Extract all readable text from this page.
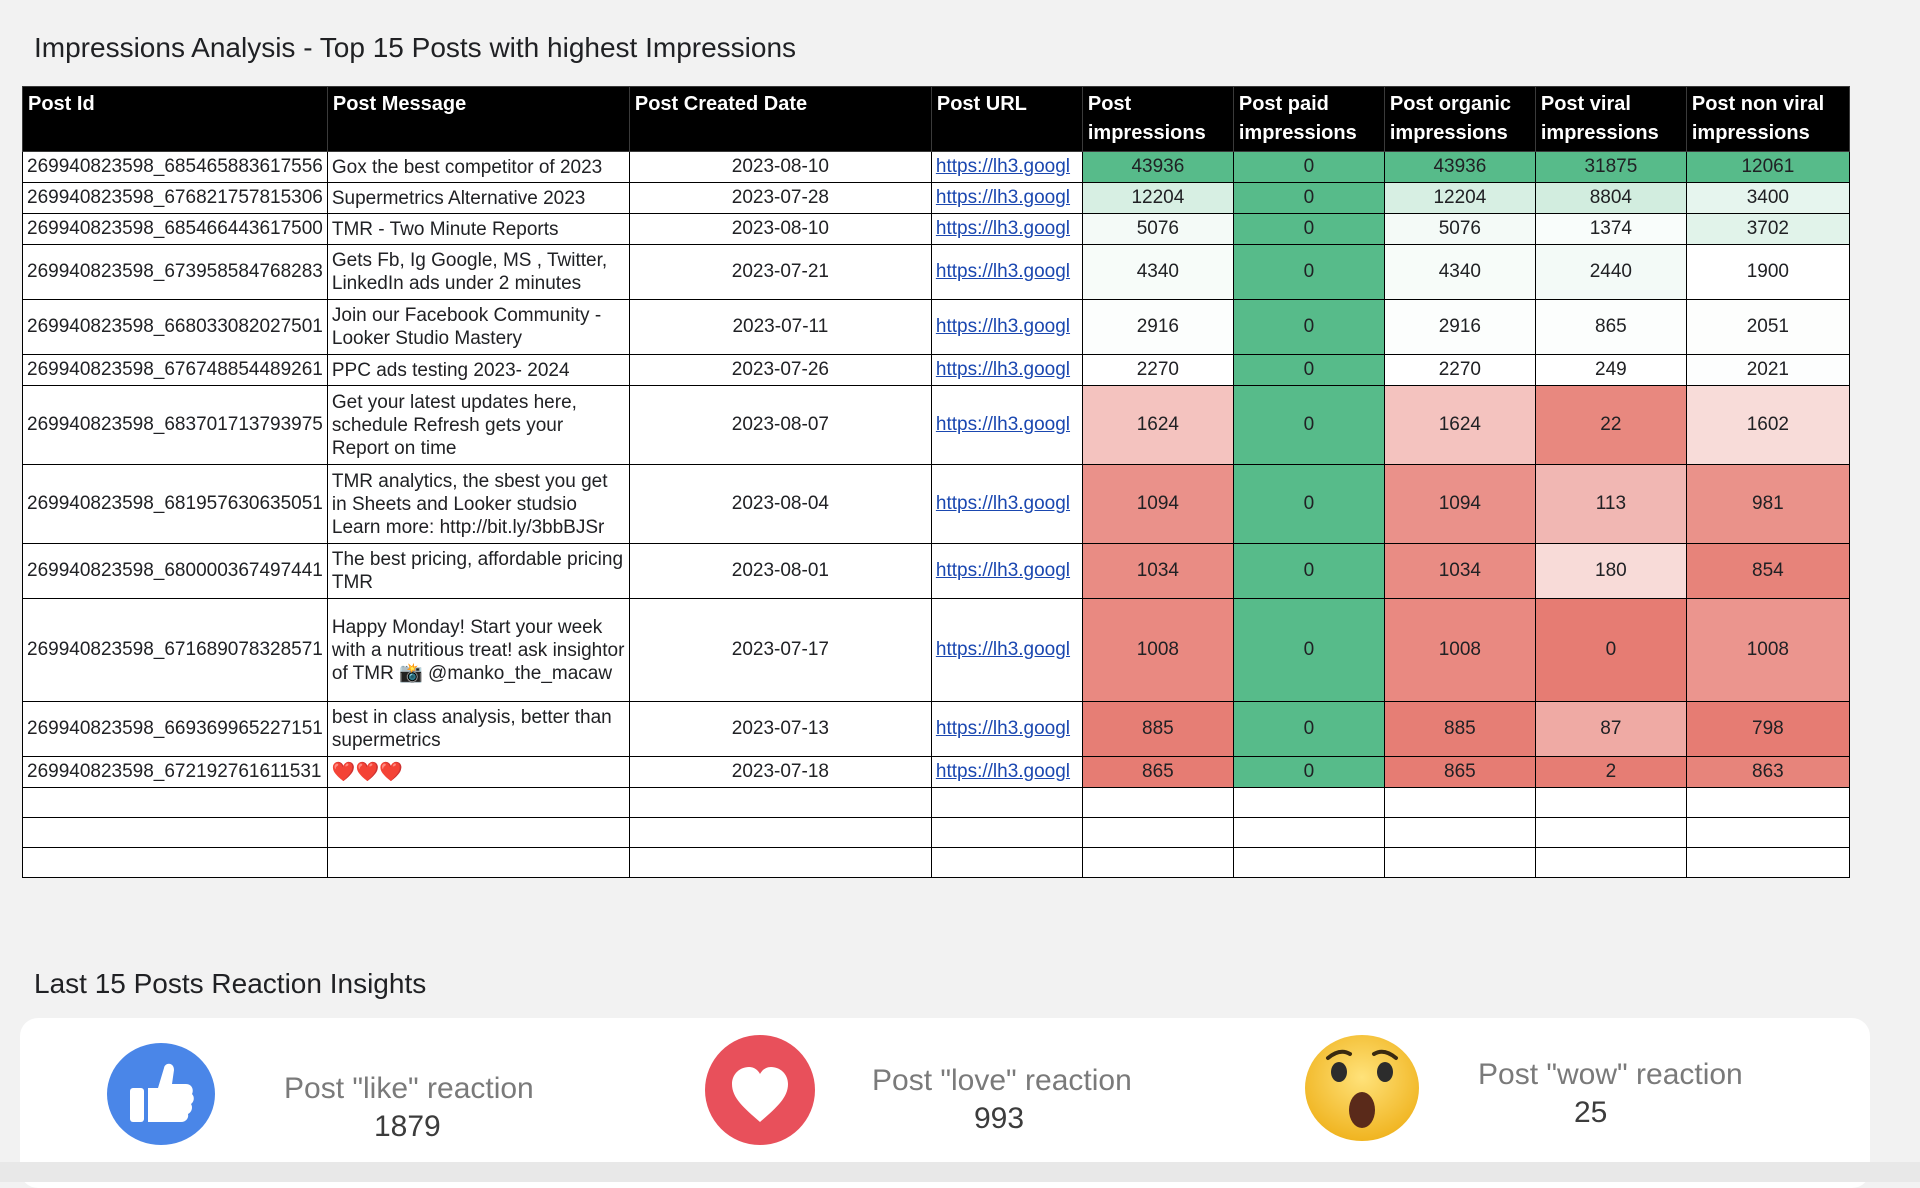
Impressions Analysis - Top 15 Posts with highest Impressions
Post Id	Post Message	Post Created Date	Post URL	Post impressions	Post paid impressions	Post organic impressions	Post viral impressions	Post non viral impressions
269940823598_685465883617556	Gox the best competitor of 2023	2023-08-10	https://lh3.googl	43936	0	43936	31875	12061
269940823598_676821757815306	Supermetrics Alternative 2023	2023-07-28	https://lh3.googl	12204	0	12204	8804	3400
269940823598_685466443617500	TMR - Two Minute Reports	2023-08-10	https://lh3.googl	5076	0	5076	1374	3702
269940823598_673958584768283	Gets Fb, Ig Google, MS , Twitter, LinkedIn ads under 2 minutes	2023-07-21	https://lh3.googl	4340	0	4340	2440	1900
269940823598_668033082027501	Join our Facebook Community - Looker Studio Mastery	2023-07-11	https://lh3.googl	2916	0	2916	865	2051
269940823598_676748854489261	PPC ads testing 2023- 2024	2023-07-26	https://lh3.googl	2270	0	2270	249	2021
269940823598_683701713793975	Get your latest updates here, schedule Refresh gets your Report on time	2023-08-07	https://lh3.googl	1624	0	1624	22	1602
269940823598_681957630635051	TMR analytics, the sbest you get in Sheets and Looker studsio Learn more: http://bit.ly/3bbBJSr	2023-08-04	https://lh3.googl	1094	0	1094	113	981
269940823598_680000367497441	The best pricing, affordable pricing TMR	2023-08-01	https://lh3.googl	1034	0	1034	180	854
269940823598_671689078328571	Happy Monday! Start your week with a nutritious treat! ask insightor of TMR 📸 @manko_the_macaw	2023-07-17	https://lh3.googl	1008	0	1008	0	1008
269940823598_669369965227151	best in class analysis, better than supermetrics	2023-07-13	https://lh3.googl	885	0	885	87	798
269940823598_672192761611531	❤️❤️❤️	2023-07-18	https://lh3.googl	865	0	865	2	863

Last 15 Posts Reaction Insights
Post "like" reaction
1879
Post "love" reaction
993
Post "wow" reaction
25
